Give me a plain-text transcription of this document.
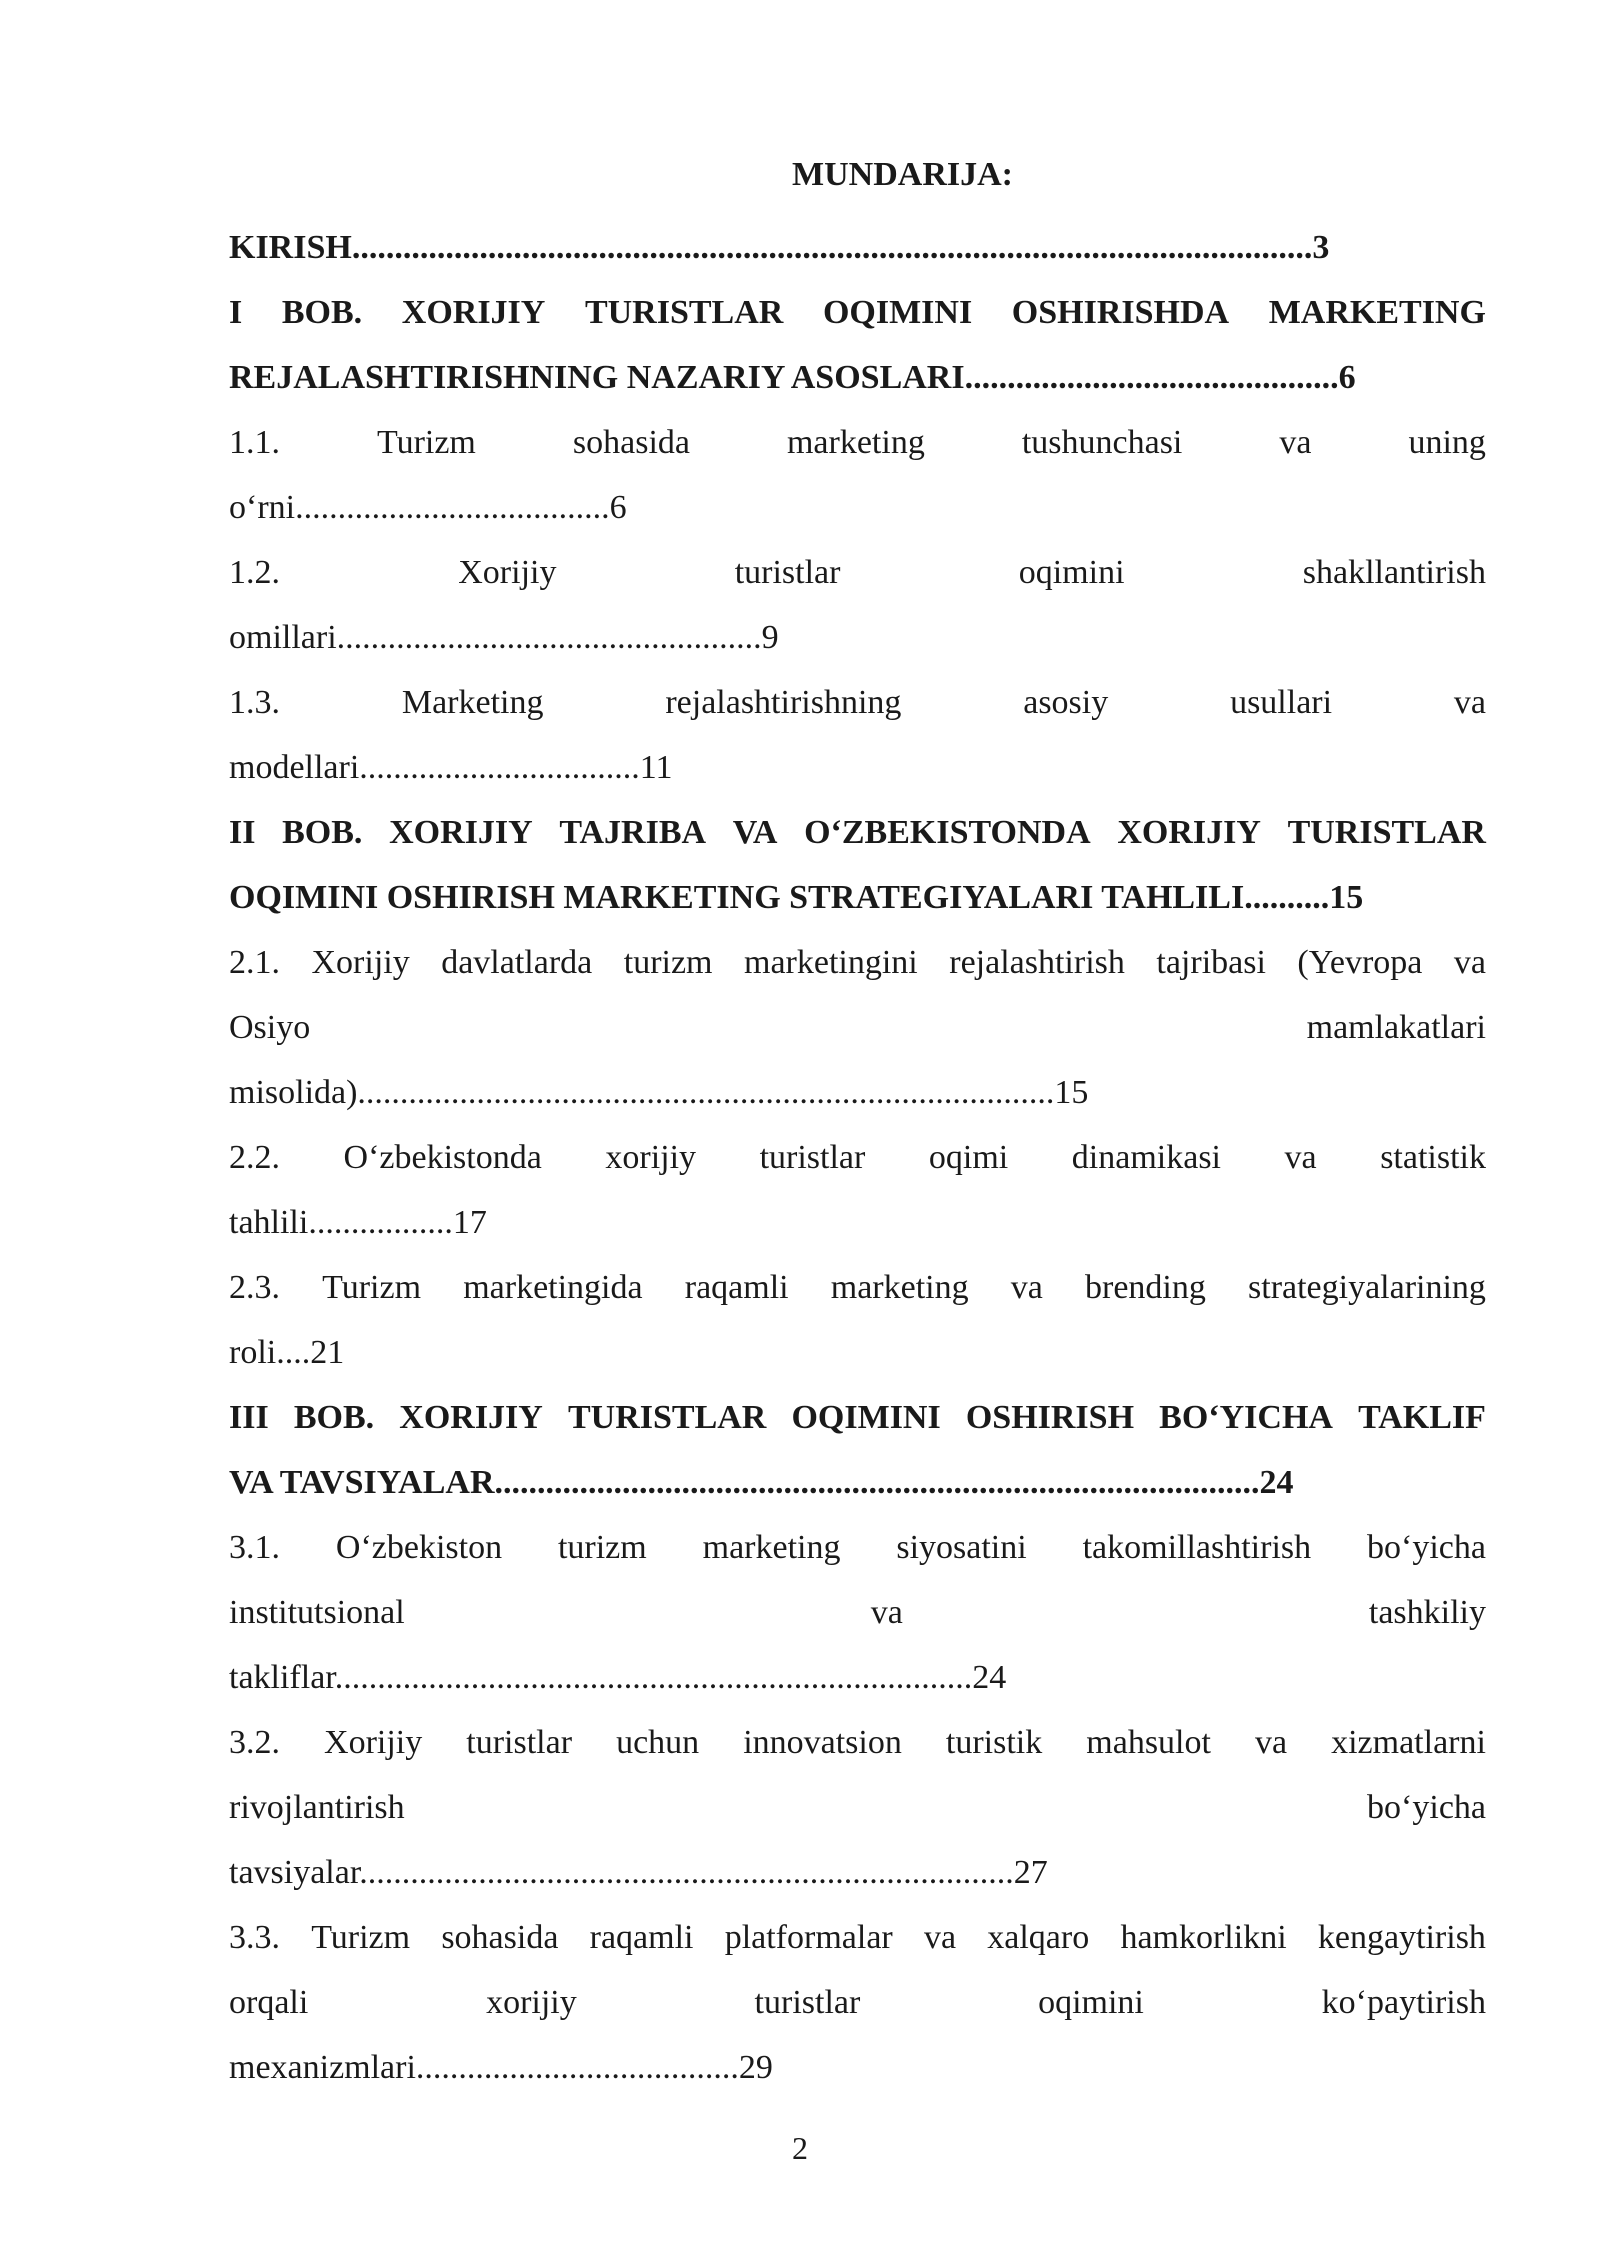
MUNDARIJA:
KIRISH.................................................................................................................3
I BOB. XORIJIY TURISTLAR OQIMINI OSHIRISHDA MARKETING
REJALASHTIRISHNING NAZARIY ASOSLARI............................................6
1.1.	Turizm	sohasida	marketing	tushunchasi	va	uning
o‘rni.....................................6
1.2.	Xorijiy	turistlar	oqimini	shakllantirish
omillari..................................................9
1.3.	Marketing	rejalashtirishning	asosiy	usullari	va
modellari.................................11
II BOB. XORIJIY TAJRIBA VA O‘ZBEKISTONDA XORIJIY TURISTLAR
OQIMINI OSHIRISH MARKETING STRATEGIYALARI TAHLILI..........15
2.1. Xorijiy davlatlarda turizm marketingini rejalashtirish tajribasi (Yevropa va
Osiyo	mamlakatlari
misolida)..................................................................................15
2.2. O‘zbekistonda xorijiy turistlar oqimi dinamikasi va statistik
tahlili.................17
2.3. Turizm marketingida raqamli marketing va brending strategiyalarining
roli....21
III BOB. XORIJIY TURISTLAR OQIMINI OSHIRISH BO‘YICHA TAKLIF
VA TAVSIYALAR..........................................................................................24
3.1. O‘zbekiston turizm marketing siyosatini takomillashtirish bo‘yicha
institutsional	va	tashkiliy
takliflar...........................................................................24
3.2. Xorijiy turistlar uchun innovatsion turistik mahsulot va xizmatlarni
rivojlantirish	bo‘yicha
tavsiyalar.............................................................................27
3.3. Turizm sohasida raqamli platformalar va xalqaro hamkorlikni kengaytirish
orqali	xorijiy	turistlar	oqimini	ko‘paytirish
mexanizmlari......................................29
2
